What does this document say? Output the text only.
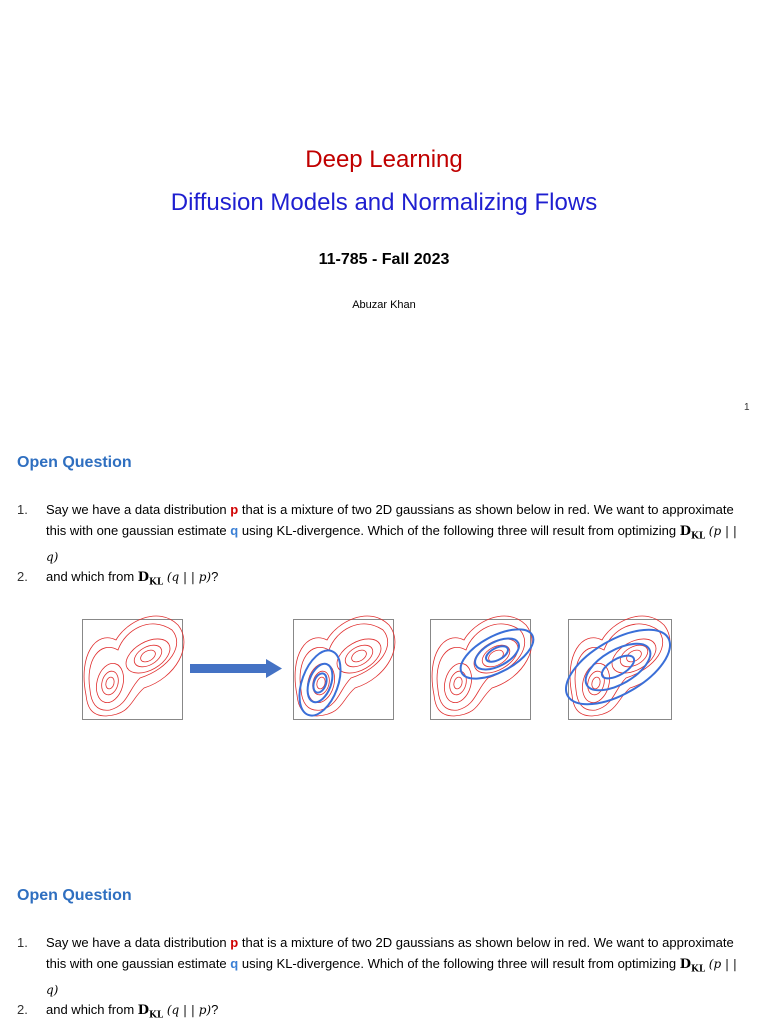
Deep Learning
Diffusion Models and Normalizing Flows
11-785 - Fall 2023
Abuzar Khan
1
Open Question
1.	Say we have a data distribution p that is a mixture of two 2D gaussians as shown below in red. We want to approximate this with one gaussian estimate q using KL-divergence. Which of the following three will result from optimizing $D_{KL}$ (p | | q)
2.	and which from $D_{KL}$ (q | | p)?
Open Question
1.	Say we have a data distribution p that is a mixture of two 2D gaussians as shown below in red. We want to approximate this with one gaussian estimate q using KL-divergence. Which of the following three will result from optimizing $D_{KL}$ (p | | q)
2.	and which from $D_{KL}$ (q | | p)?
